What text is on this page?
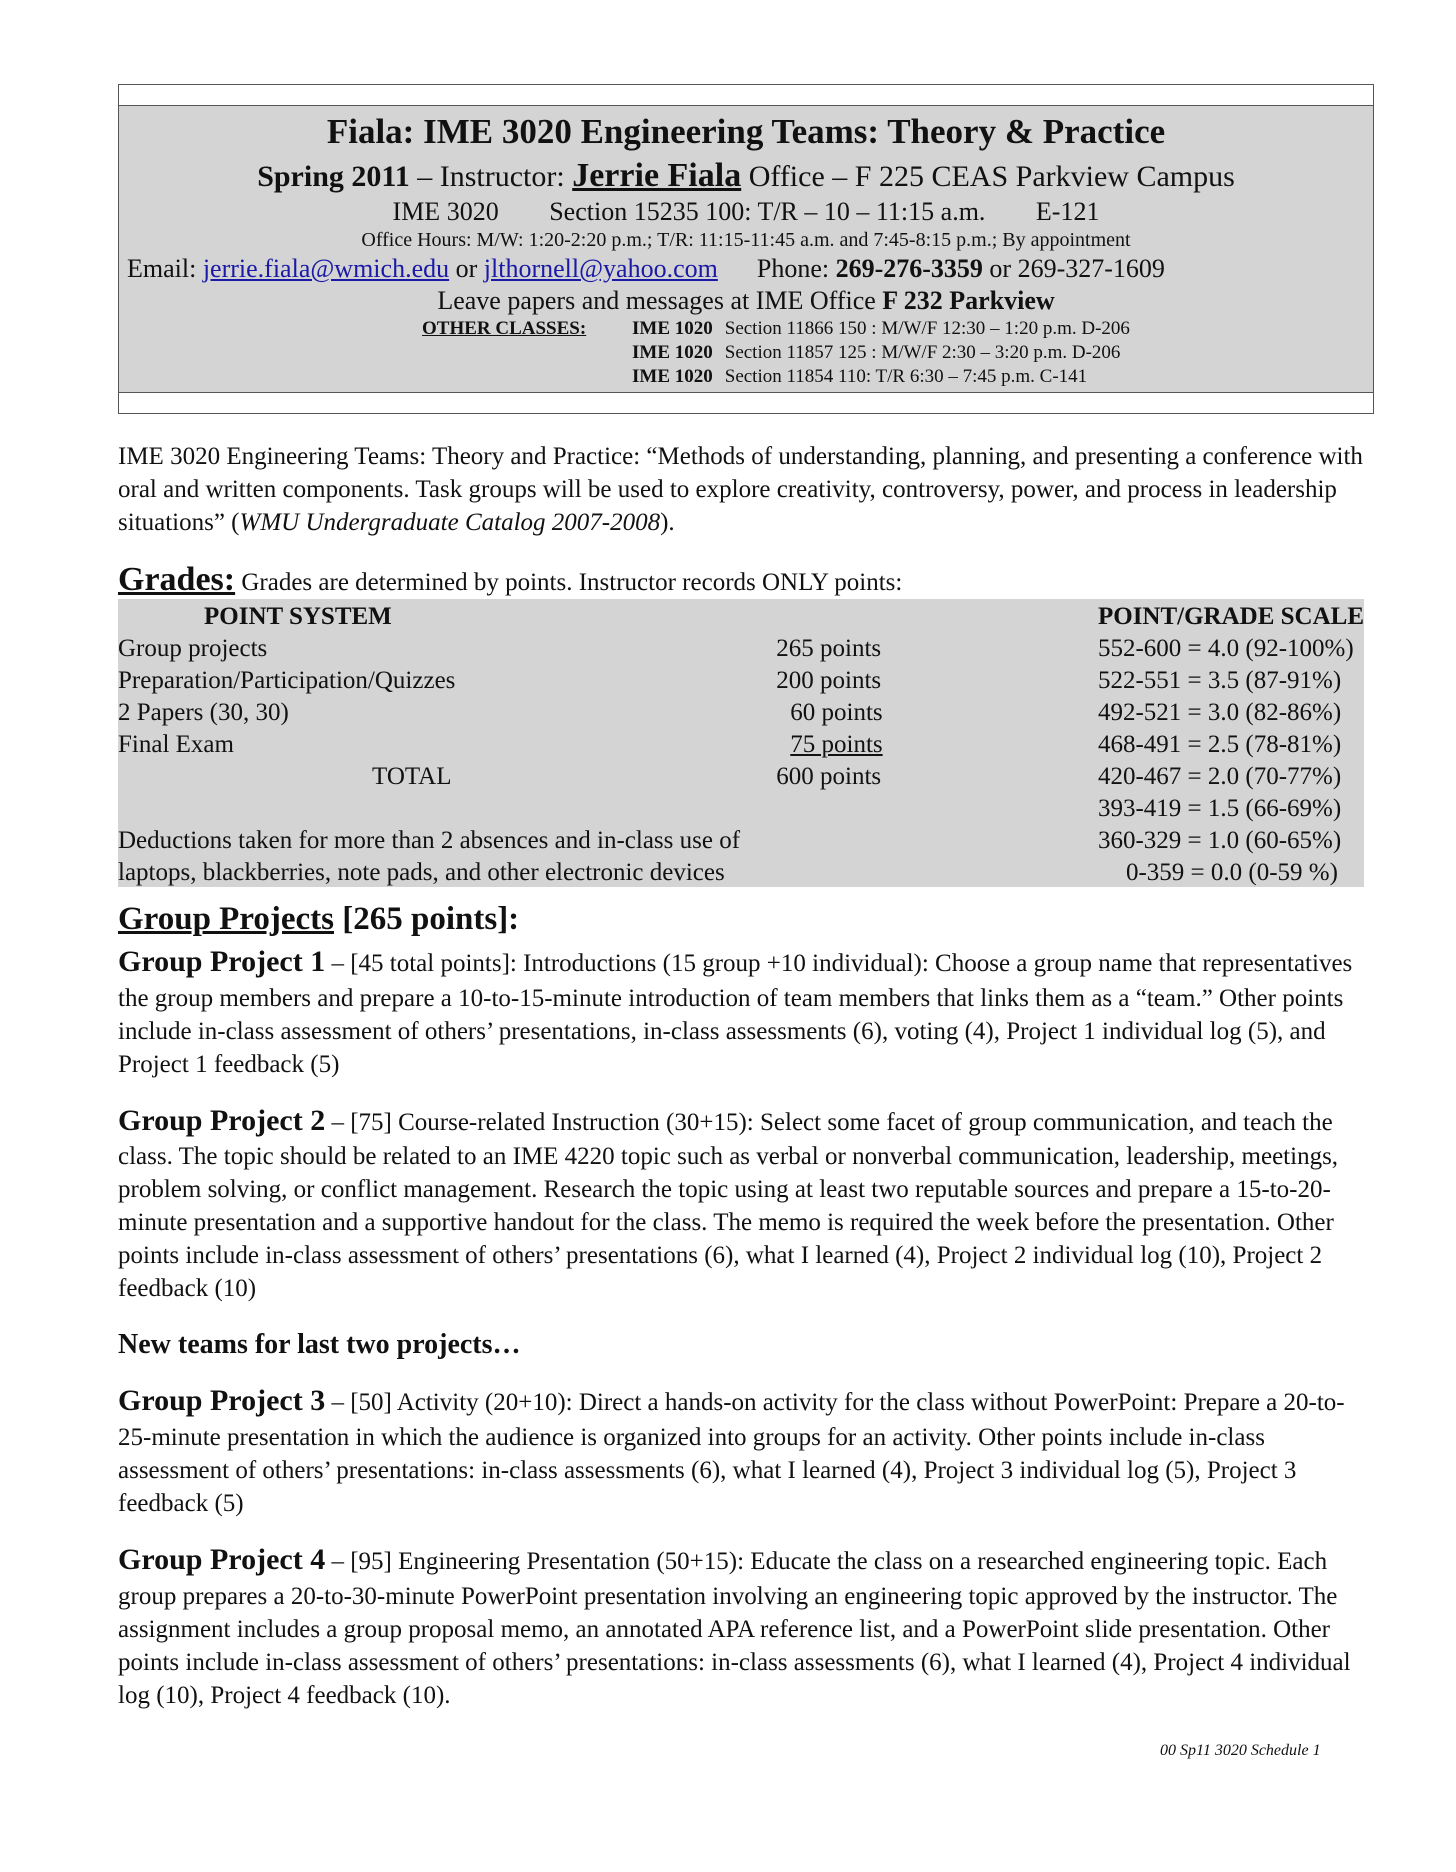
Fiala: IME 3020 Engineering Teams: Theory & Practice
Spring 2011 – Instructor: Jerrie Fiala Office – F 225 CEAS Parkview Campus
IME 3020 Section 15235 100: T/R – 10 – 11:15 a.m. E-121
Office Hours: M/W: 1:20-2:20 p.m.; T/R: 11:15-11:45 a.m. and 7:45-8:15 p.m.; By appointment
Email: jerrie.fiala@wmich.edu or jlthornell@yahoo.com Phone: 269-276-3359 or 269-327-1609
Leave papers and messages at IME Office F 232 Parkview
OTHER CLASSES: IME 1020 Section 11866 150 : M/W/F 12:30 – 1:20 p.m. D-206
IME 1020 Section 11857 125 : M/W/F 2:30 – 3:20 p.m. D-206
IME 1020 Section 11854 110: T/R 6:30 – 7:45 p.m. C-141

IME 3020 Engineering Teams: Theory and Practice: “Methods of understanding, planning, and presenting a conference with oral and written components. Task groups will be used to explore creativity, controversy, power, and process in leadership situations” (WMU Undergraduate Catalog 2007-2008).

Grades: Grades are determined by points. Instructor records ONLY points:
POINT SYSTEM		POINT/GRADE SCALE
Group projects	265 points	552-600 = 4.0 (92-100%)
Preparation/Participation/Quizzes	200 points	522-551 = 3.5 (87-91%)
2 Papers (30, 30)	60 points	492-521 = 3.0 (82-86%)
Final Exam	75 points	468-491 = 2.5 (78-81%)
TOTAL	600 points	420-467 = 2.0 (70-77%)
		393-419 = 1.5 (66-69%)
Deductions taken for more than 2 absences and in-class use of		360-329 = 1.0 (60-65%)
laptops, blackberries, note pads, and other electronic devices		0-359 = 0.0 (0-59 %)
Group Projects [265 points]:

Group Project 1 – [45 total points]: Introductions (15 group +10 individual): Choose a group name that representatives the group members and prepare a 10-to-15-minute introduction of team members that links them as a “team.” Other points include in-class assessment of others’ presentations, in-class assessments (6), voting (4), Project 1 individual log (5), and Project 1 feedback (5)

Group Project 2 – [75] Course-related Instruction (30+15): Select some facet of group communication, and teach the class. The topic should be related to an IME 4220 topic such as verbal or nonverbal communication, leadership, meetings, problem solving, or conflict management. Research the topic using at least two reputable sources and prepare a 15-to-20- minute presentation and a supportive handout for the class. The memo is required the week before the presentation. Other points include in-class assessment of others’ presentations (6), what I learned (4), Project 2 individual log (10), Project 2 feedback (10)

New teams for last two projects…

Group Project 3 – [50] Activity (20+10): Direct a hands-on activity for the class without PowerPoint: Prepare a 20-to-25-minute presentation in which the audience is organized into groups for an activity. Other points include in-class assessment of others’ presentations: in-class assessments (6), what I learned (4), Project 3 individual log (5), Project 3 feedback (5)

Group Project 4 – [95] Engineering Presentation (50+15): Educate the class on a researched engineering topic. Each group prepares a 20-to-30-minute PowerPoint presentation involving an engineering topic approved by the instructor. The assignment includes a group proposal memo, an annotated APA reference list, and a PowerPoint slide presentation. Other points include in-class assessment of others’ presentations: in-class assessments (6), what I learned (4), Project 4 individual log (10), Project 4 feedback (10).

00 Sp11 3020 Schedule 1
